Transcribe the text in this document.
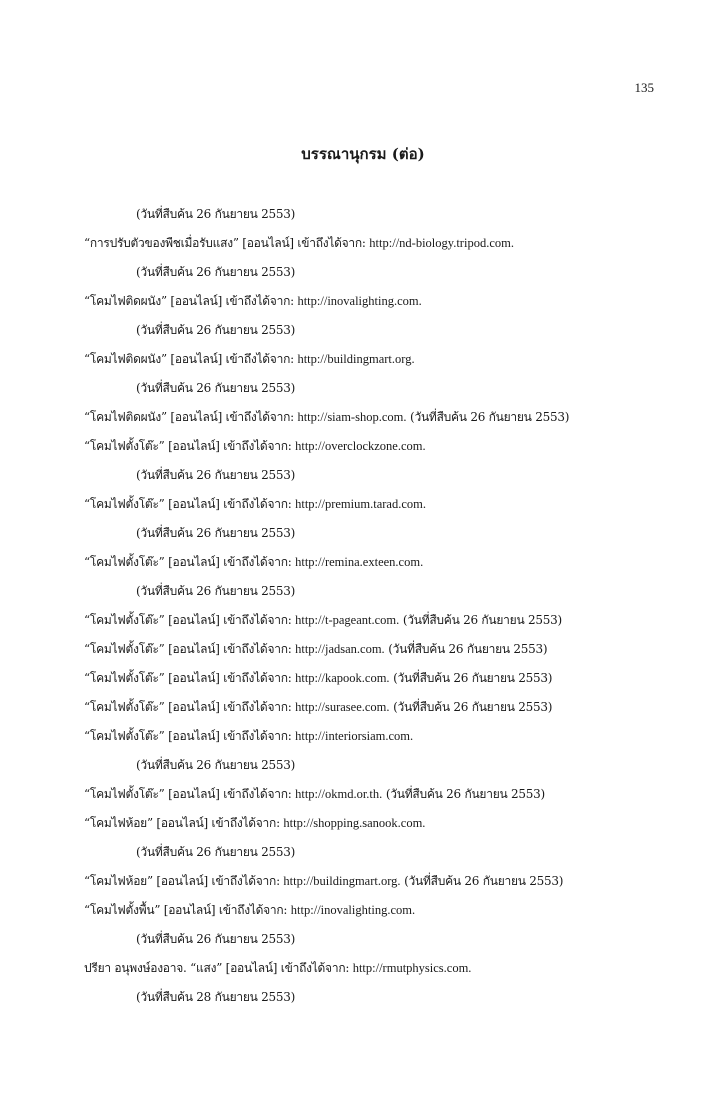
135
บรรณานุกรม (ต่อ)
(วันที่สืบค้น 26 กันยายน 2553)
“การปรับตัวของพืชเมื่อรับแสง” [ออนไลน์] เข้าถึงได้จาก: http://nd-biology.tripod.com.
(วันที่สืบค้น 26 กันยายน 2553)
“โคมไฟติดผนัง” [ออนไลน์] เข้าถึงได้จาก: http://inovalighting.com.
(วันที่สืบค้น 26 กันยายน 2553)
“โคมไฟติดผนัง” [ออนไลน์] เข้าถึงได้จาก: http://buildingmart.org.
(วันที่สืบค้น 26 กันยายน 2553)
“โคมไฟติดผนัง” [ออนไลน์] เข้าถึงได้จาก: http://siam-shop.com. (วันที่สืบค้น 26 กันยายน 2553)
“โคมไฟตั้งโต๊ะ” [ออนไลน์] เข้าถึงได้จาก: http://overclockzone.com.
(วันที่สืบค้น 26 กันยายน 2553)
“โคมไฟตั้งโต๊ะ” [ออนไลน์] เข้าถึงได้จาก: http://premium.tarad.com.
(วันที่สืบค้น 26 กันยายน 2553)
“โคมไฟตั้งโต๊ะ” [ออนไลน์] เข้าถึงได้จาก: http://remina.exteen.com.
(วันที่สืบค้น 26 กันยายน 2553)
“โคมไฟตั้งโต๊ะ” [ออนไลน์] เข้าถึงได้จาก: http://t-pageant.com. (วันที่สืบค้น 26 กันยายน 2553)
“โคมไฟตั้งโต๊ะ” [ออนไลน์] เข้าถึงได้จาก: http://jadsan.com. (วันที่สืบค้น 26 กันยายน 2553)
“โคมไฟตั้งโต๊ะ” [ออนไลน์] เข้าถึงได้จาก: http://kapook.com. (วันที่สืบค้น 26 กันยายน 2553)
“โคมไฟตั้งโต๊ะ” [ออนไลน์] เข้าถึงได้จาก: http://surasee.com. (วันที่สืบค้น 26 กันยายน 2553)
“โคมไฟตั้งโต๊ะ” [ออนไลน์] เข้าถึงได้จาก: http://interiorsiam.com.
(วันที่สืบค้น 26 กันยายน 2553)
“โคมไฟตั้งโต๊ะ” [ออนไลน์] เข้าถึงได้จาก: http://okmd.or.th. (วันที่สืบค้น 26 กันยายน 2553)
“โคมไฟห้อย” [ออนไลน์] เข้าถึงได้จาก: http://shopping.sanook.com.
(วันที่สืบค้น 26 กันยายน 2553)
“โคมไฟห้อย” [ออนไลน์] เข้าถึงได้จาก: http://buildingmart.org. (วันที่สืบค้น 26 กันยายน 2553)
“โคมไฟตั้งพื้น” [ออนไลน์] เข้าถึงได้จาก: http://inovalighting.com.
(วันที่สืบค้น 26 กันยายน 2553)
ปรียา อนุพงษ์องอาจ. “แสง” [ออนไลน์] เข้าถึงได้จาก: http://rmutphysics.com.
(วันที่สืบค้น 28 กันยายน 2553)
